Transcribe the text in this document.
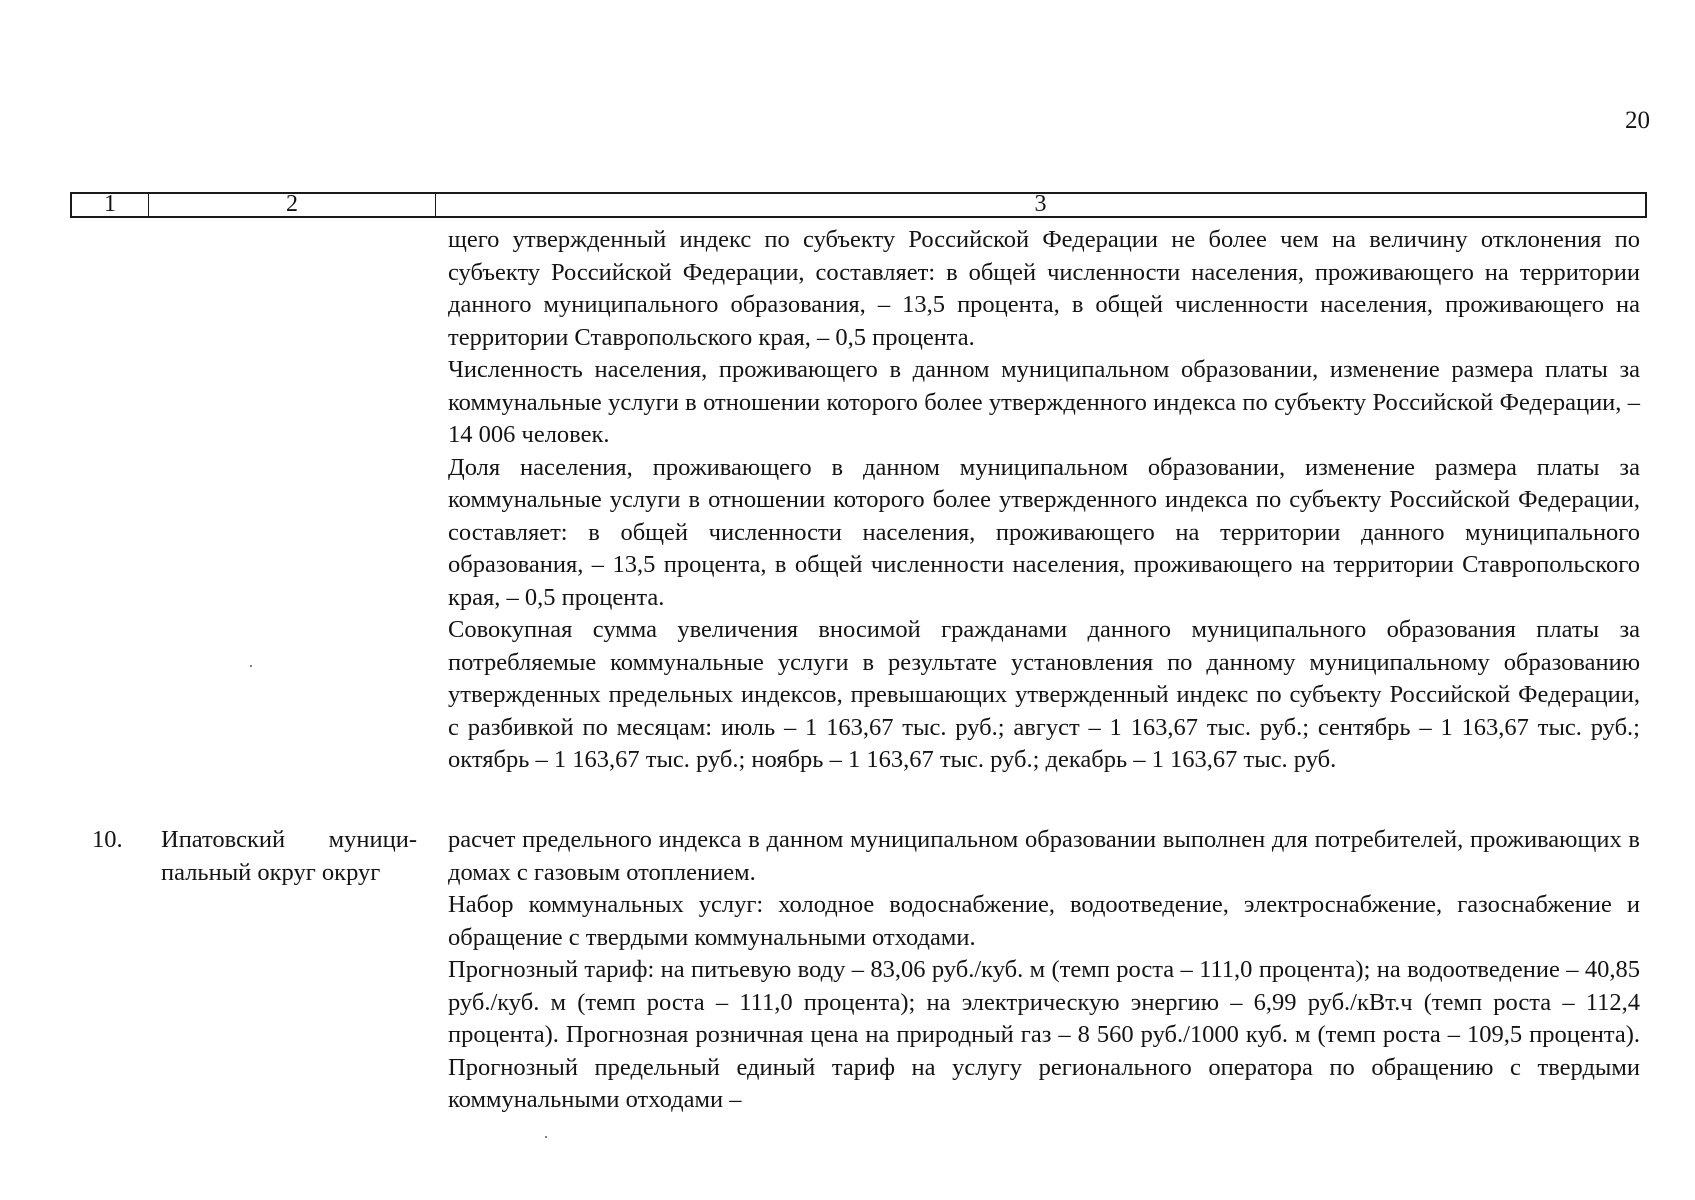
20
1	2	3

щего утвержденный индекс по субъекту Российской Федерации не более чем на величину отклонения по субъекту Российской Федерации, составляет: в общей численности населения, проживающего на территории данного муниципального образования, – 13,5 процента, в общей численности населения, проживающего на территории Ставропольского края, – 0,5 процента.

Численность населения, проживающего в данном муниципальном образовании, изменение размера платы за коммунальные услуги в отношении которого более утвержденного индекса по субъекту Российской Федерации, – 14 006 человек.

Доля населения, проживающего в данном муниципальном образовании, изменение размера платы за коммунальные услуги в отношении которого более утвержденного индекса по субъекту Российской Федерации, составляет: в общей численности населения, проживающего на территории данного муниципального образования, – 13,5 процента, в общей численности населения, проживающего на территории Ставропольского края, – 0,5 процента.

Совокупная сумма увеличения вносимой гражданами данного муниципального образования платы за потребляемые коммунальные услуги в результате установления по данному муниципальному образованию утвержденных предельных индексов, превышающих утвержденный индекс по субъекту Российской Федерации, с разбивкой по месяцам: июль – 1 163,67 тыс. руб.; август – 1 163,67 тыс. руб.; сентябрь – 1 163,67 тыс. руб.; октябрь – 1 163,67 тыс. руб.; ноябрь – 1 163,67 тыс. руб.; декабрь – 1 163,67 тыс. руб.

10. Ипатовский муници-
пальный округ округ

расчет предельного индекса в данном муниципальном образовании выполнен для потребителей, проживающих в домах с газовым отоплением.

Набор коммунальных услуг: холодное водоснабжение, водоотведение, электроснабжение, газоснабжение и обращение с твердыми коммунальными отходами.

Прогнозный тариф: на питьевую воду – 83,06 руб./куб. м (темп роста – 111,0 процента); на водоотведение – 40,85 руб./куб. м (темп роста – 111,0 процента); на электрическую энергию – 6,99 руб./кВт.ч (темп роста – 112,4 процента). Прогнозная розничная цена на природный газ – 8 560 руб./1000 куб. м (темп роста – 109,5 процента). Прогнозный предельный единый тариф на услугу регионального оператора по обращению с твердыми коммунальными отходами –
